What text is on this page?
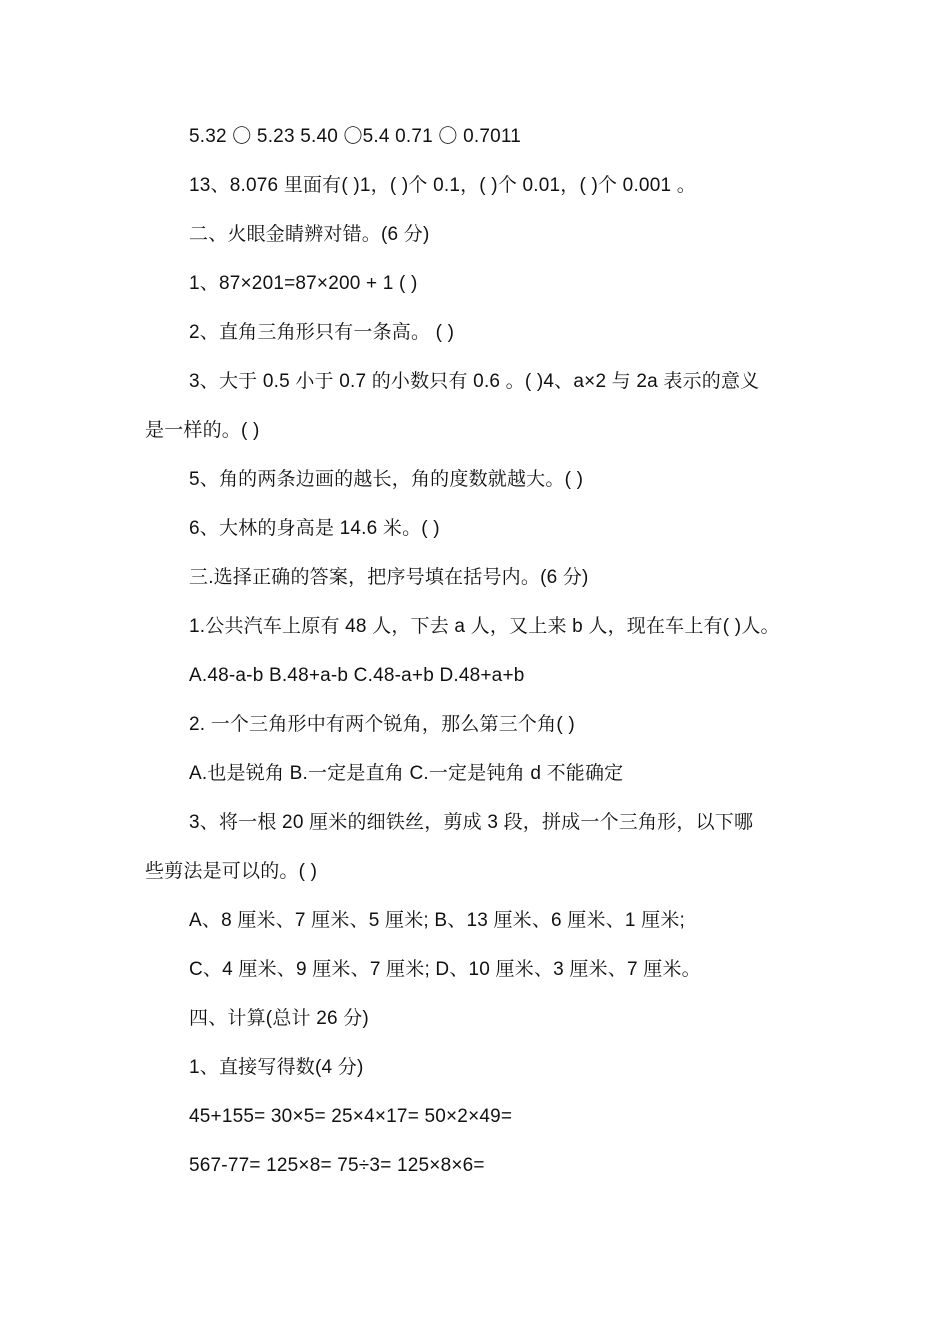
5.32 〇 5.23 5.40 〇5.4 0.71 〇 0.7011
13、8.076 里面有( )1，( )个 0.1，( )个 0.01，( )个 0.001 。
二、火眼金睛辨对错。(6 分)
1、87×201=87×200 + 1 ( )
2、直角三角形只有一条高。 ( )
3、大于 0.5 小于 0.7 的小数只有 0.6 。( )4、a×2 与 2a 表示的意义
是一样的。( )
5、角的两条边画的越长，角的度数就越大。( )
6、大林的身高是 14.6 米。( )
三.选择正确的答案，把序号填在括号内。(6 分)
1.公共汽车上原有 48 人，下去 a 人，又上来 b 人，现在车上有( )人。
A.48-a-b B.48+a-b C.48-a+b D.48+a+b
2. 一个三角形中有两个锐角，那么第三个角( )
A.也是锐角 B.一定是直角 C.一定是钝角 d 不能确定
3、将一根 20 厘米的细铁丝，剪成 3 段，拼成一个三角形，以下哪
些剪法是可以的。( )
A、8 厘米、7 厘米、5 厘米; B、13 厘米、6 厘米、1 厘米;
C、4 厘米、9 厘米、7 厘米; D、10 厘米、3 厘米、7 厘米。
四、计算(总计 26 分)
1、直接写得数(4 分)
45+155= 30×5= 25×4×17= 50×2×49=
567-77= 125×8= 75÷3= 125×8×6=
